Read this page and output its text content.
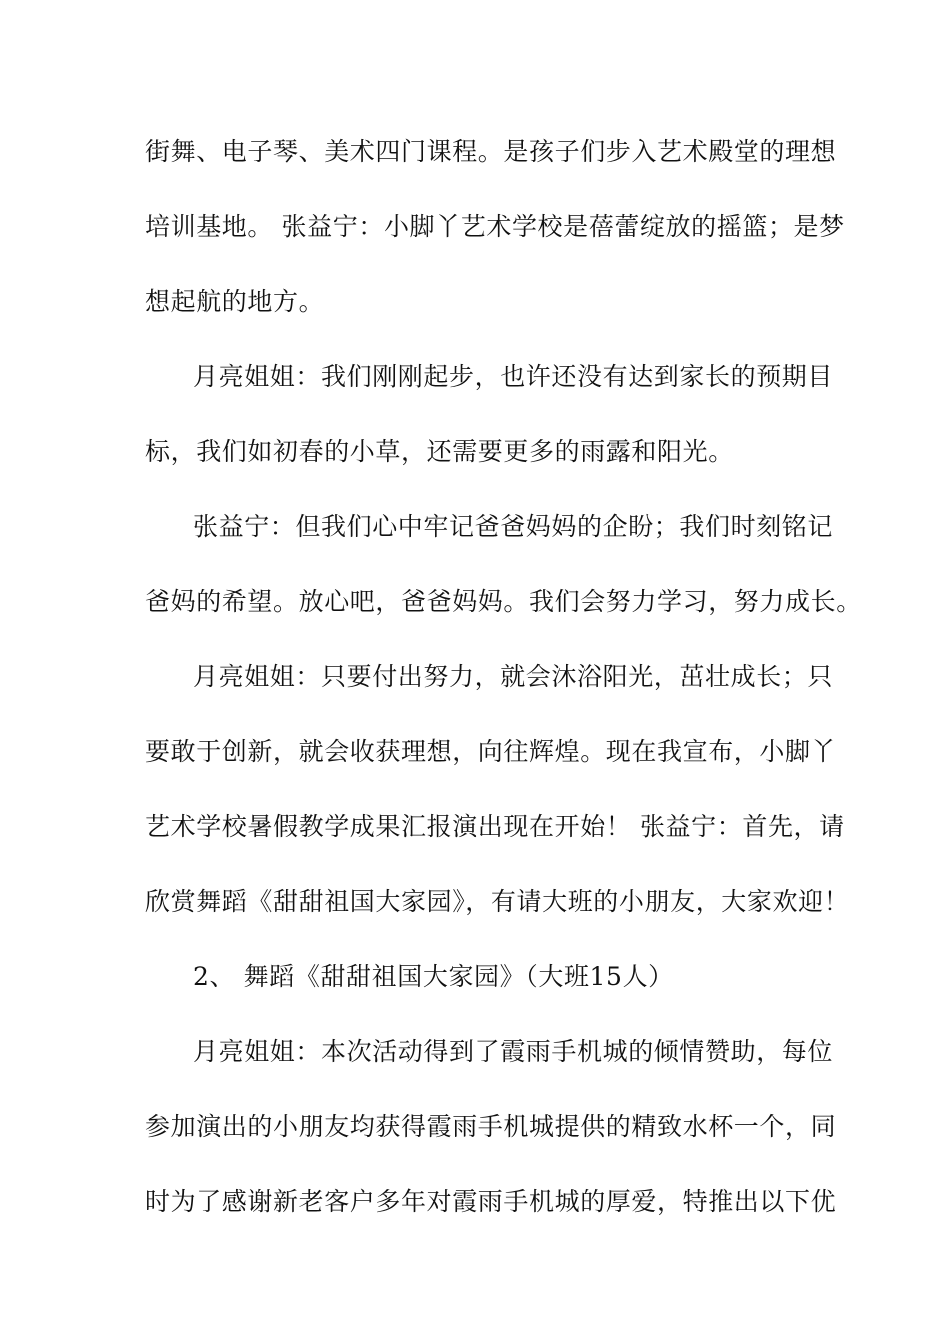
街舞、电子琴、美术四门课程。是孩子们步入艺术殿堂的理想
培训基地。 张益宁：小脚丫艺术学校是蓓蕾绽放的摇篮；是梦
想起航的地方。
月亮姐姐：我们刚刚起步，也许还没有达到家长的预期目
标，我们如初春的小草，还需要更多的雨露和阳光。
张益宁：但我们心中牢记爸爸妈妈的企盼；我们时刻铭记
爸妈的希望。放心吧，爸爸妈妈。我们会努力学习，努力成长。
月亮姐姐：只要付出努力，就会沐浴阳光，茁壮成长；只
要敢于创新，就会收获理想，向往辉煌。现在我宣布，小脚丫
艺术学校暑假教学成果汇报演出现在开始！ 张益宁：首先，请
欣赏舞蹈《甜甜祖国大家园》，有请大班的小朋友，大家欢迎！
2、 舞蹈《甜甜祖国大家园》（大班15人）
月亮姐姐：本次活动得到了霞雨手机城的倾情赞助，每位
参加演出的小朋友均获得霞雨手机城提供的精致水杯一个，同
时为了感谢新老客户多年对霞雨手机城的厚爱，特推出以下优
